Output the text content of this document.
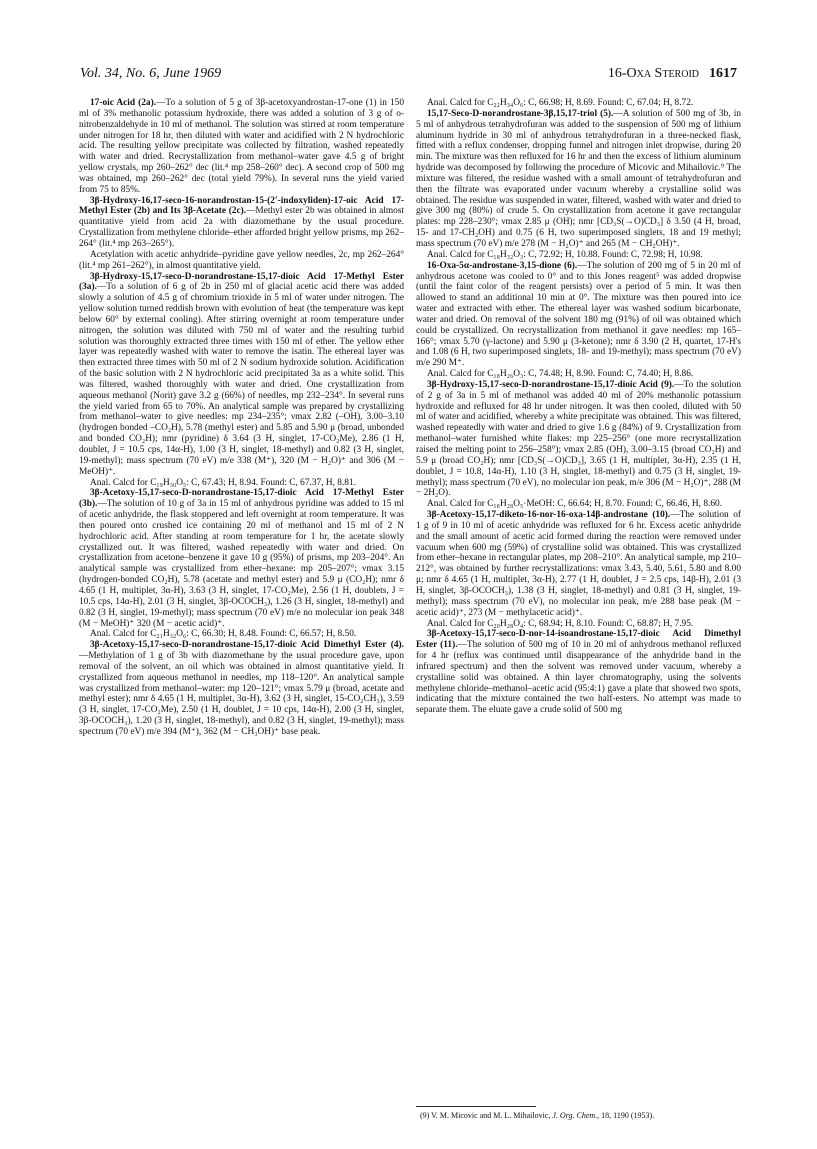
Vol. 34, No. 6, June 1969	16-Oxa Steroid 1617

17-oic Acid (2a).—To a solution of 5 g of 3β-acetoxyandrostan-17-one (1) in 150 ml of 3% methanolic potassium hydroxide, there was added a solution of 3 g of o-nitrobenzaldehyde in 10 ml of methanol. The solution was stirred at room temperature under nitrogen for 18 hr, then diluted with water and acidified with 2 N hydrochloric acid. The resulting yellow precipitate was collected by filtration, washed repeatedly with water and dried. Recrystallization from methanol–water gave 4.5 g of bright yellow crystals, mp 260–262° dec (lit.⁴ mp 258–260° dec). A second crop of 500 mg was obtained, mp 260–262° dec (total yield 79%). In several runs the yield varied from 75 to 85%.

3β-Hydroxy-16,17-seco-16-norandrostan-15-(2′-indoxyliden)-17-oic Acid 17-Methyl Ester (2b) and Its 3β-Acetate (2c).—Methyl ester 2b was obtained in almost quantitative yield from acid 2a with diazomethane by the usual procedure. Crystallization from methylene chloride–ether afforded bright yellow prisms, mp 262–264° (lit.⁴ mp 263–265°).

Acetylation with acetic anhydride–pyridine gave yellow needles, 2c, mp 262–264° (lit.⁴ mp 261–262°), in almost quantitative yield.

3β-Hydroxy-15,17-seco-D-norandrostane-15,17-dioic Acid 17-Methyl Ester (3a).—To a solution of 6 g of 2b in 250 ml of glacial acetic acid there was added slowly a solution of 4.5 g of chromium trioxide in 5 ml of water under nitrogen. The yellow solution turned reddish brown with evolution of heat (the temperature was kept below 60° by external cooling). After stirring overnight at room temperature under nitrogen, the solution was diluted with 750 ml of water and the resulting turbid solution was thoroughly extracted three times with 150 ml of ether. The yellow ether layer was repeatedly washed with water to remove the isatin. The ethereal layer was then extracted three times with 50 ml of 2 N sodium hydroxide solution. Acidification of the basic solution with 2 N hydrochloric acid precipitated 3a as a white solid. This was filtered, washed thoroughly with water and dried. One crystallization from aqueous methanol (Norit) gave 3.2 g (66%) of needles, mp 232–234°. In several runs the yield varied from 65 to 70%. An analytical sample was prepared by crystallizing from methanol–water to give needles: mp 234–235°; νmax 2.82 (–OH), 3.00–3.10 (hydrogen bonded –CO₂H), 5.78 (methyl ester) and 5.85 and 5.90 μ (broad, unbonded and bonded CO₂H); nmr (pyridine) δ 3.64 (3 H, singlet, 17-CO₂Me), 2.86 (1 H, doublet, J = 10.5 cps, 14α-H), 1.00 (3 H, singlet, 18-methyl) and 0.82 (3 H, singlet, 19-methyl); mass spectrum (70 eV) m/e 338 (M⁺), 320 (M − H₂O)⁺ and 306 (M − MeOH)⁺.

Anal. Calcd for C₁₉H₃₀O₅: C, 67.43; H, 8.94. Found: C, 67.37, H, 8.81.

3β-Acetoxy-15,17-seco-D-norandrostane-15,17-dioic Acid 17-Methyl Ester (3b).—The solution of 10 g of 3a in 15 ml of anhydrous pyridine was added to 15 ml of acetic anhydride, the flask stoppered and left overnight at room temperature. It was then poured onto crushed ice containing 20 ml of methanol and 15 ml of 2 N hydrochloric acid. After standing at room temperature for 1 hr, the acetate slowly crystallized out. It was filtered, washed repeatedly with water and dried. On crystallization from acetone–benzene it gave 10 g (95%) of prisms, mp 203–204°. An analytical sample was crystallized from ether–hexane: mp 205–207°; νmax 3.15 (hydrogen-bonded CO₂H), 5.78 (acetate and methyl ester) and 5.9 μ (CO₂H); nmr δ 4.65 (1 H, multiplet, 3α-H), 3.63 (3 H, singlet, 17-CO₂Me), 2.56 (1 H, doublets, J = 10.5 cps, 14α-H), 2.01 (3 H, singlet, 3β-OCOCH₃), 1.26 (3 H, singlet, 18-methyl) and 0.82 (3 H, singlet, 19-methyl); mass spectrum (70 eV) m/e no molecular ion peak 348 (M − MeOH)⁺ 320 (M − acetic acid)⁺.

Anal. Calcd for C₂₁H₃₂O₆: C, 66.30; H, 8.48. Found: C, 66.57; H, 8.50.

3β-Acetoxy-15,17-seco-D-norandrostane-15,17-dioic Acid Dimethyl Ester (4).—Methylation of 1 g of 3b with diazomethane by the usual procedure gave, upon removal of the solvent, an oil which was obtained in almost quantitative yield. It crystallized from aqueous methanol in needles, mp 118–120°. An analytical sample was crystallized from methanol–water: mp 120–121°; νmax 5.79 μ (broad, acetate and methyl ester); nmr δ 4.65 (1 H, multiplet, 3α-H), 3.62 (3 H, singlet, 15-CO₂CH₃), 3.59 (3 H, singlet, 17-CO₂Me), 2.50 (1 H, doublet, J = 10 cps, 14α-H), 2.00 (3 H, singlet, 3β-OCOCH₃), 1.20 (3 H, singlet, 18-methyl), and 0.82 (3 H, singlet, 19-methyl); mass spectrum (70 eV) m/e 394 (M⁺), 362 (M − CH₃OH)⁺ base peak.

Anal. Calcd for C₂₂H₃₄O₆: C, 66.98; H, 8.69. Found: C, 67.04; H, 8.72.

15,17-Seco-D-norandrostane-3β,15,17-triol (5).—A solution of 500 mg of 3b, in 5 ml of anhydrous tetrahydrofuran was added to the suspension of 500 mg of lithium aluminum hydride in 30 ml of anhydrous tetrahydrofuran in a three-necked flask, fitted with a reflux condenser, dropping funnel and nitrogen inlet dropwise, during 20 min. The mixture was then refluxed for 16 hr and then the excess of lithium aluminum hydride was decomposed by following the procedure of Micovic and Mihailovic.⁹ The mixture was filtered, the residue washed with a small amount of tetrahydrofuran and then the filtrate was evaporated under vacuum whereby a crystalline solid was obtained. The residue was suspended in water, filtered, washed with water and dried to give 300 mg (80%) of crude 5. On crystallization from acetone it gave rectangular plates: mp 228–230°; νmax 2.85 μ (OH); nmr [CD₃S(→O)CD₃] δ 3.50 (4 H, broad, 15- and 17-CH₂OH) and 0.75 (6 H, two superimposed singlets, 18 and 19 methyl; mass spectrum (70 eV) m/e 278 (M − H₂O)⁺ and 265 (M − CH₂OH)⁺.

Anal. Calcd for C₁₈H₃₂O₃: C, 72.92; H, 10.88. Found: C, 72.98; H, 10.98.

16-Oxa-5α-androstane-3,15-dione (6).—The solution of 200 mg of 5 in 20 ml of anhydrous acetone was cooled to 0° and to this Jones reagent⁵ was added dropwise (until the faint color of the reagent persists) over a period of 5 min. It was then allowed to stand an additional 10 min at 0°. The mixture was then poured into ice water and extracted with ether. The ethereal layer was washed sodium bicarbonate, water and dried. On removal of the solvent 180 mg (91%) of oil was obtained which could be crystallized. On recrystallization from methanol it gave needles: mp 165–166°; νmax 5.70 (γ-lactone) and 5.90 μ (3-ketone); nmr δ 3.90 (2 H, quartet, 17-H's and 1.08 (6 H, two superimposed singlets, 18- and 19-methyl); mass spectrum (70 eV) m/e 290 M⁺.

Anal. Calcd for C₁₈H₂₆O₃: C, 74.48; H, 8.90. Found: C, 74.40; H, 8.86.

3β-Hydroxy-15,17-seco-D-norandrostane-15,17-dioic Acid (9).—To the solution of 2 g of 3a in 5 ml of methanol was added 40 ml of 20% methanolic potassium hydroxide and refluxed for 48 hr under nitrogen. It was then cooled, diluted with 50 ml of water and acidified, whereby a white precipitate was obtained. This was filtered, washed repeatedly with water and dried to give 1.6 g (84%) of 9. Crystallization from methanol–water furnished white flakes: mp 225–256° (one more recrystallization raised the melting point to 256–258°); νmax 2.85 (OH), 3.00–3.15 (broad CO₂H) and 5.9 μ (broad CO₂H); nmr [CD₃S(→O)CD₃], 3.65 (1 H, multiplet, 3α-H), 2.35 (1 H, doublet, J = 10.8, 14α-H), 1.10 (3 H, singlet, 18-methyl) and 0.75 (3 H, singlet, 19-methyl); mass spectrum (70 eV), no molecular ion peak, m/e 306 (M − H₂O)⁺, 288 (M − 2H₂O).

Anal. Calcd for C₁₈H₂₈O₅·MeOH: C, 66.64; H, 8.70. Found: C, 66.46, H, 8.60.

3β-Acetoxy-15,17-diketo-16-nor-16-oxa-14β-androstane (10).—The solution of 1 g of 9 in 10 ml of acetic anhydride was refluxed for 6 hr. Excess acetic anhydride and the small amount of acetic acid formed during the reaction were removed under vacuum when 600 mg (59%) of crystalline solid was obtained. This was crystallized from ether–hexane in rectangular plates, mp 208–210°. An analytical sample, mp 210–212°, was obtained by further recrystallizations: νmax 3.43, 5.40, 5.61, 5.80 and 8.00 μ; nmr δ 4.65 (1 H, multiplet, 3α-H), 2.77 (1 H, doublet, J = 2.5 cps, 14β-H), 2.01 (3 H, singlet, 3β-OCOCH₃), 1.38 (3 H, singlet, 18-methyl) and 0.81 (3 H, singlet, 19-methyl); mass spectrum (70 eV), no molecular ion peak, m/e 288 base peak (M − acetic acid)⁺, 273 (M − methylacetic acid)⁺.

Anal. Calcd for C₂₀H₂₈O₄: C, 68.94; H, 8.10. Found: C, 68.87; H, 7.95.

3β-Acetoxy-15,17-seco-D-nor-14-isoandrostane-15,17-dioic Acid Dimethyl Ester (11).—The solution of 500 mg of 10 in 20 ml of anhydrous methanol refluxed for 4 hr (reflux was continued until disappearance of the anhydride band in the infrared spectrum) and then the solvent was removed under vacuum, whereby a crystalline solid was obtained. A thin layer chromatography, using the solvents methylene chloride–methanol–acetic acid (95:4:1) gave a plate that showed two spots, indicating that the mixture contained the two half-esters. No attempt was made to separate them. The eluate gave a crude solid of 500 mg

(9) V. M. Micovic and M. L. Mihailovic, J. Org. Chem., 18, 1190 (1953).
